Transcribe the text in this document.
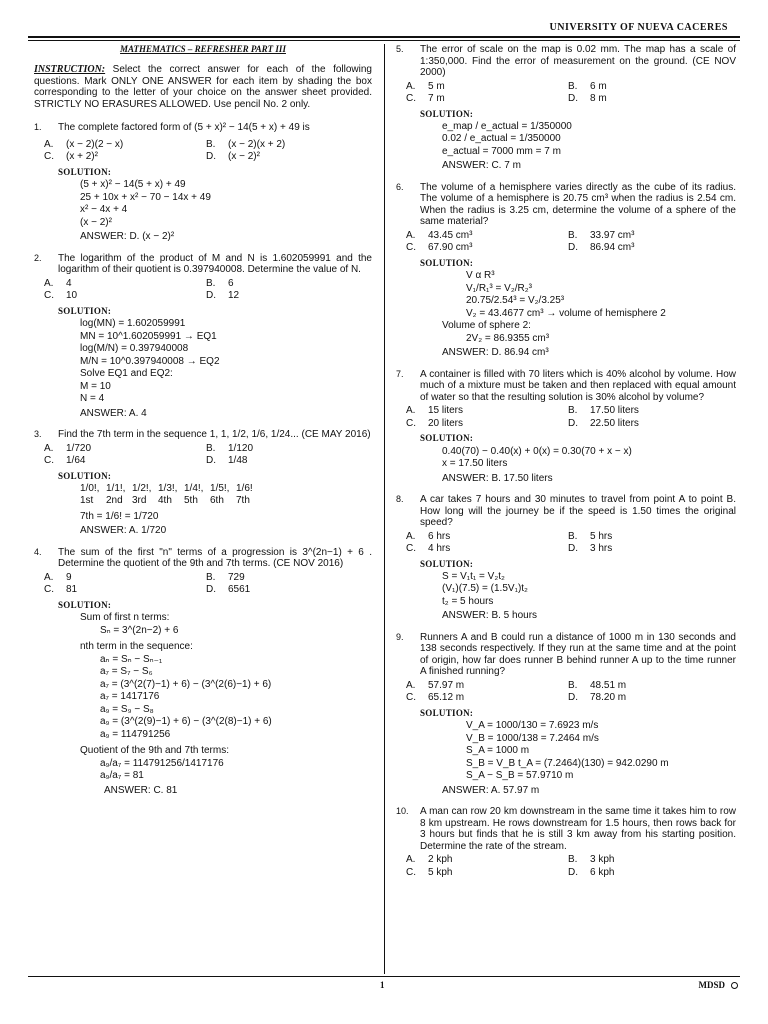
UNIVERSITY OF NUEVA CACERES
MATHEMATICS – REFRESHER PART III
INSTRUCTION: Select the correct answer for each of the following questions. Mark ONLY ONE ANSWER for each item by shading the box corresponding to the letter of your choice on the answer sheet provided. STRICTLY NO ERASURES ALLOWED. Use pencil No. 2 only.
1.	The complete factored form of (5 + x)² − 14(5 + x) + 49 is
A.	(x − 2)(2 − x)	B.	(x − 2)(x + 2)
C.	(x + 2)²	D.	(x − 2)²
SOLUTION:
(5 + x)² − 14(5 + x) + 49
25 + 10x + x² − 70 − 14x + 49
x² − 4x + 4
(x − 2)²
ANSWER: D. (x − 2)²
2.	The logarithm of the product of M and N is 1.602059991 and the logarithm of their quotient is 0.397940008. Determine the value of N.
A.	4	B.	6
C.	10	D.	12
SOLUTION:
log(MN) = 1.602059991
MN = 10^1.602059991 → EQ1
log(M/N) = 0.397940008
M/N = 10^0.397940008 → EQ2
Solve EQ1 and EQ2:
M = 10
N = 4
ANSWER: A. 4
3.	Find the 7th term in the sequence 1, 1, 1/2, 1/6, 1/24... (CE MAY 2016)
A.	1/720	B.	1/120
C.	1/64	D.	1/48
SOLUTION:
1/0!, 1/1!, 1/2!, 1/3!, 1/4!, 1/5!, 1/6!
1st	2nd 3rd	4th	5th	6th	7th
7th = 1/6! = 1/720
ANSWER: A. 1/720
4.	The sum of the first "n" terms of a progression is 3^(2n−1) + 6 . Determine the quotient of the 9th and 7th terms. (CE NOV 2016)
A.	9	B.	729
C.	81	D.	6561
SOLUTION:
Sum of first n terms:
Sₙ = 3^(2n−2) + 6
nth term in the sequence:
aₙ = Sₙ − Sₙ₋₁
a₇ = S₇ − S₆
a₇ = (3^(2(7)−1) + 6) − (3^(2(6)−1) + 6)
a₇ = 1417176
a₉ = S₉ − S₈
a₉ = (3^(2(9)−1) + 6) − (3^(2(8)−1) + 6)
a₉ = 114791256
Quotient of the 9th and 7th terms:
a₉/a₇ = 114791256/1417176
a₉/a₇ = 81
ANSWER: C. 81
5.	The error of scale on the map is 0.02 mm. The map has a scale of 1:350,000. Find the error of measurement on the ground. (CE NOV 2000)
A.	5 m	B.	6 m
C.	7 m	D.	8 m
SOLUTION:
e_map / e_actual = 1/350000
0.02 / e_actual = 1/350000
e_actual = 7000 mm = 7 m
ANSWER: C. 7 m
6.	The volume of a hemisphere varies directly as the cube of its radius. The volume of a hemisphere is 20.75 cm³ when the radius is 2.54 cm. When the radius is 3.25 cm, determine the volume of a sphere of the same material?
A.	43.45 cm³	B.	33.97 cm³
C.	67.90 cm³	D.	86.94 cm³
SOLUTION:
V α R³
V₁/R₁³ = V₂/R₂³
20.75/2.54³ = V₂/3.25³
V₂ = 43.4677 cm³ → volume of hemisphere 2
Volume of sphere 2:
2V₂ = 86.9355 cm³
ANSWER: D. 86.94 cm³
7.	A container is filled with 70 liters which is 40% alcohol by volume. How much of a mixture must be taken and then replaced with equal amount of water so that the resulting solution is 30% alcohol by volume?
A.	15 liters	B.	17.50 liters
C.	20 liters	D.	22.50 liters
SOLUTION:
0.40(70) − 0.40(x) + 0(x) = 0.30(70 + x − x)
x = 17.50 liters
ANSWER: B. 17.50 liters
8.	A car takes 7 hours and 30 minutes to travel from point A to point B. How long will the journey be if the speed is 1.50 times the original speed?
A.	6 hrs	B.	5 hrs
C.	4 hrs	D.	3 hrs
SOLUTION:
S = V₁t₁ = V₂t₂
(V₁)(7.5) = (1.5V₁)t₂
t₂ = 5 hours
ANSWER: B. 5 hours
9.	Runners A and B could run a distance of 1000 m in 130 seconds and 138 seconds respectively. If they run at the same time and at the point of origin, how far does runner B behind runner A up to the time runner A finished running?
A.	57.97 m	B.	48.51 m
C.	65.12 m	D.	78.20 m
SOLUTION:
V_A = 1000/130 = 7.6923 m/s
V_B = 1000/138 = 7.2464 m/s
S_A = 1000 m
S_B = V_B t_A = (7.2464)(130) = 942.0290 m
S_A − S_B = 57.9710 m
ANSWER: A. 57.97 m
10.	A man can row 20 km downstream in the same time it takes him to row 8 km upstream. He rows downstream for 1.5 hours, then rows back for 3 hours but finds that he is still 3 km away from his starting position. Determine the rate of the stream.
A.	2 kph	B.	3 kph
C.	5 kph	D.	6 kph
1	MDSD
